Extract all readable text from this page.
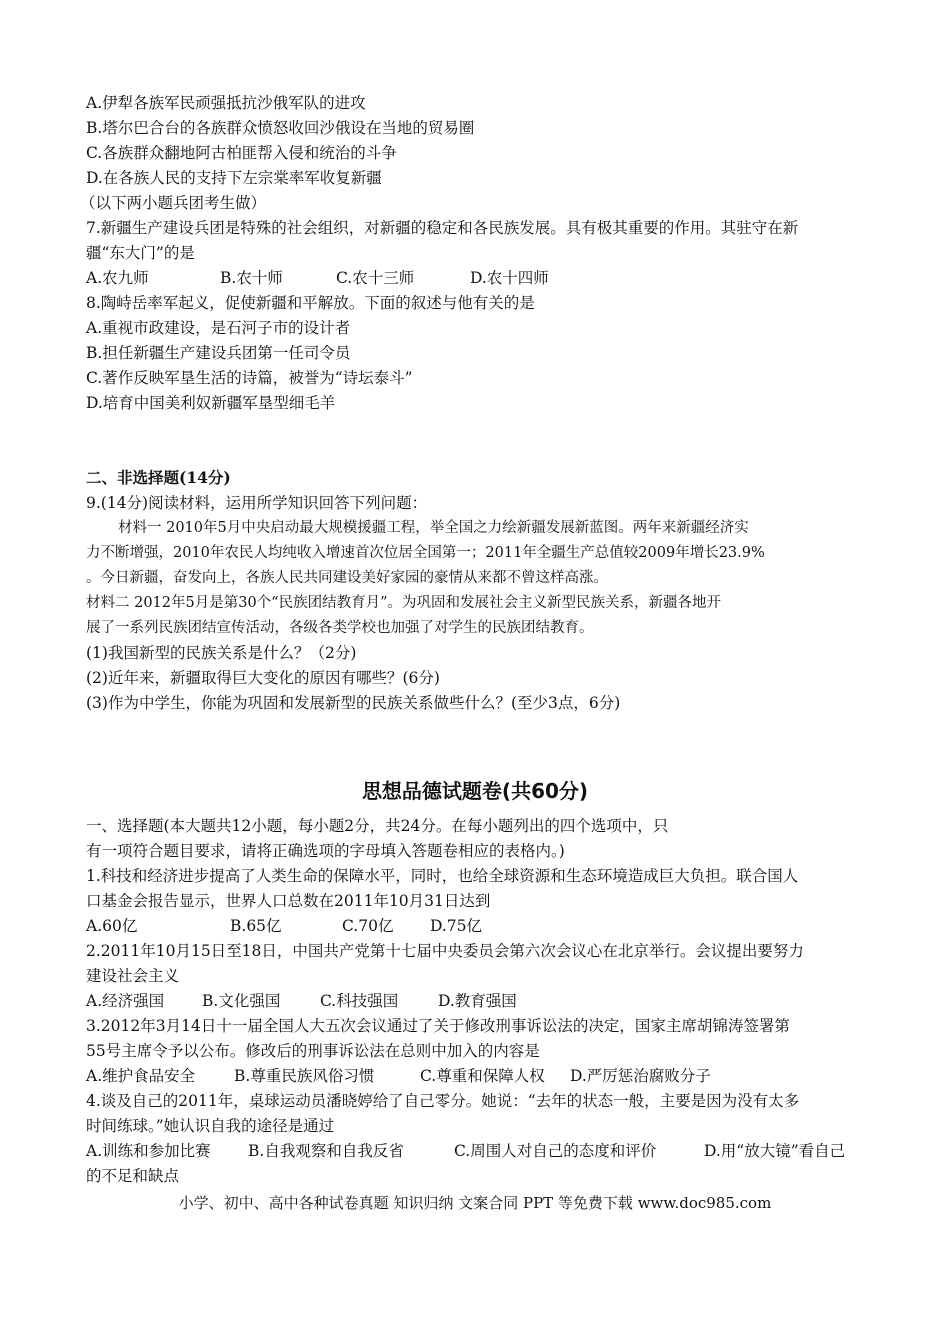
A.伊犁各族军民顽强抵抗沙俄军队的进攻
B.塔尔巴合台的各族群众愤怒收回沙俄设在当地的贸易圈
C.各族群众翻地阿古柏匪帮入侵和统治的斗争
D.在各族人民的支持下左宗棠率军收复新疆
（以下两小题兵团考生做）
7.新疆生产建设兵团是特殊的社会组织，对新疆的稳定和各民族发展。具有极其重要的作用。其驻守在新
疆“东大门”的是
A.农九师	B.农十师	C.农十三师	D.农十四师
8.陶峙岳率军起义，促使新疆和平解放。下面的叙述与他有关的是
A.重视市政建设，是石河子市的设计者
B.担任新疆生产建设兵团第一任司令员
C.著作反映军垦生活的诗篇，被誉为“诗坛泰斗”
D.培育中国美利奴新疆军垦型细毛羊
二、非选择题(14分)
9.(14分)阅读材料，运用所学知识回答下列问题：
材料一 2010年5月中央启动最大规模援疆工程，举全国之力绘新疆发展新蓝图。两年来新疆经济实
力不断增强，2010年农民人均纯收入增速首次位居全国第一；2011年全疆生产总值较2009年增长23.9%
。今日新疆，奋发向上，各族人民共同建设美好家园的豪情从来都不曾这样高涨。
材料二 2012年5月是第30个“民族团结教育月”。为巩固和发展社会主义新型民族关系，新疆各地开
展了一系列民族团结宣传活动，各级各类学校也加强了对学生的民族团结教育。
(1)我国新型的民族关系是什么？（2分)
(2)近年来，新疆取得巨大变化的原因有哪些？(6分)
(3)作为中学生，你能为巩固和发展新型的民族关系做些什么？(至少3点，6分)
思想品德试题卷(共60分)
一、选择题(本大题共12小题，每小题2分，共24分。在每小题列出的四个选项中，只
有一项符合题目要求，请将正确选项的字母填入答题卷相应的表格内。)
1.科技和经济进步提高了人类生命的保障水平，同时，也给全球资源和生态环境造成巨大负担。联合国人
口基金会报告显示，世界人口总数在2011年10月31日达到
A.60亿	B.65亿	C.70亿 D.75亿
2.2011年10月15日至18日，中国共产党第十七届中央委员会第六次会议心在北京举行。会议提出要努力
建设社会主义
A.经济强国 B.文化强国	C.科技强国	D.教育强国
3.2012年3月14日十一届全国人大五次会议通过了关于修改刑事诉讼法的决定，国家主席胡锦涛签署第
55号主席令予以公布。修改后的刑事诉讼法在总则中加入的内容是
A.维护食品安全	B.尊重民族风俗习惯	C.尊重和保障人权 D.严厉惩治腐败分子
4.谈及自己的2011年，桌球运动员潘晓婷给了自己零分。她说：“去年的状态一般，主要是因为没有太多
时间练球。”她认识自我的途径是通过
A.训练和参加比赛 B.自我观察和自我反省	C.周围人对自己的态度和评价	D.用“放大镜”看自己
的不足和缺点
小学、初中、高中各种试卷真题 知识归纳 文案合同 PPT 等免费下载 www.doc985.com
